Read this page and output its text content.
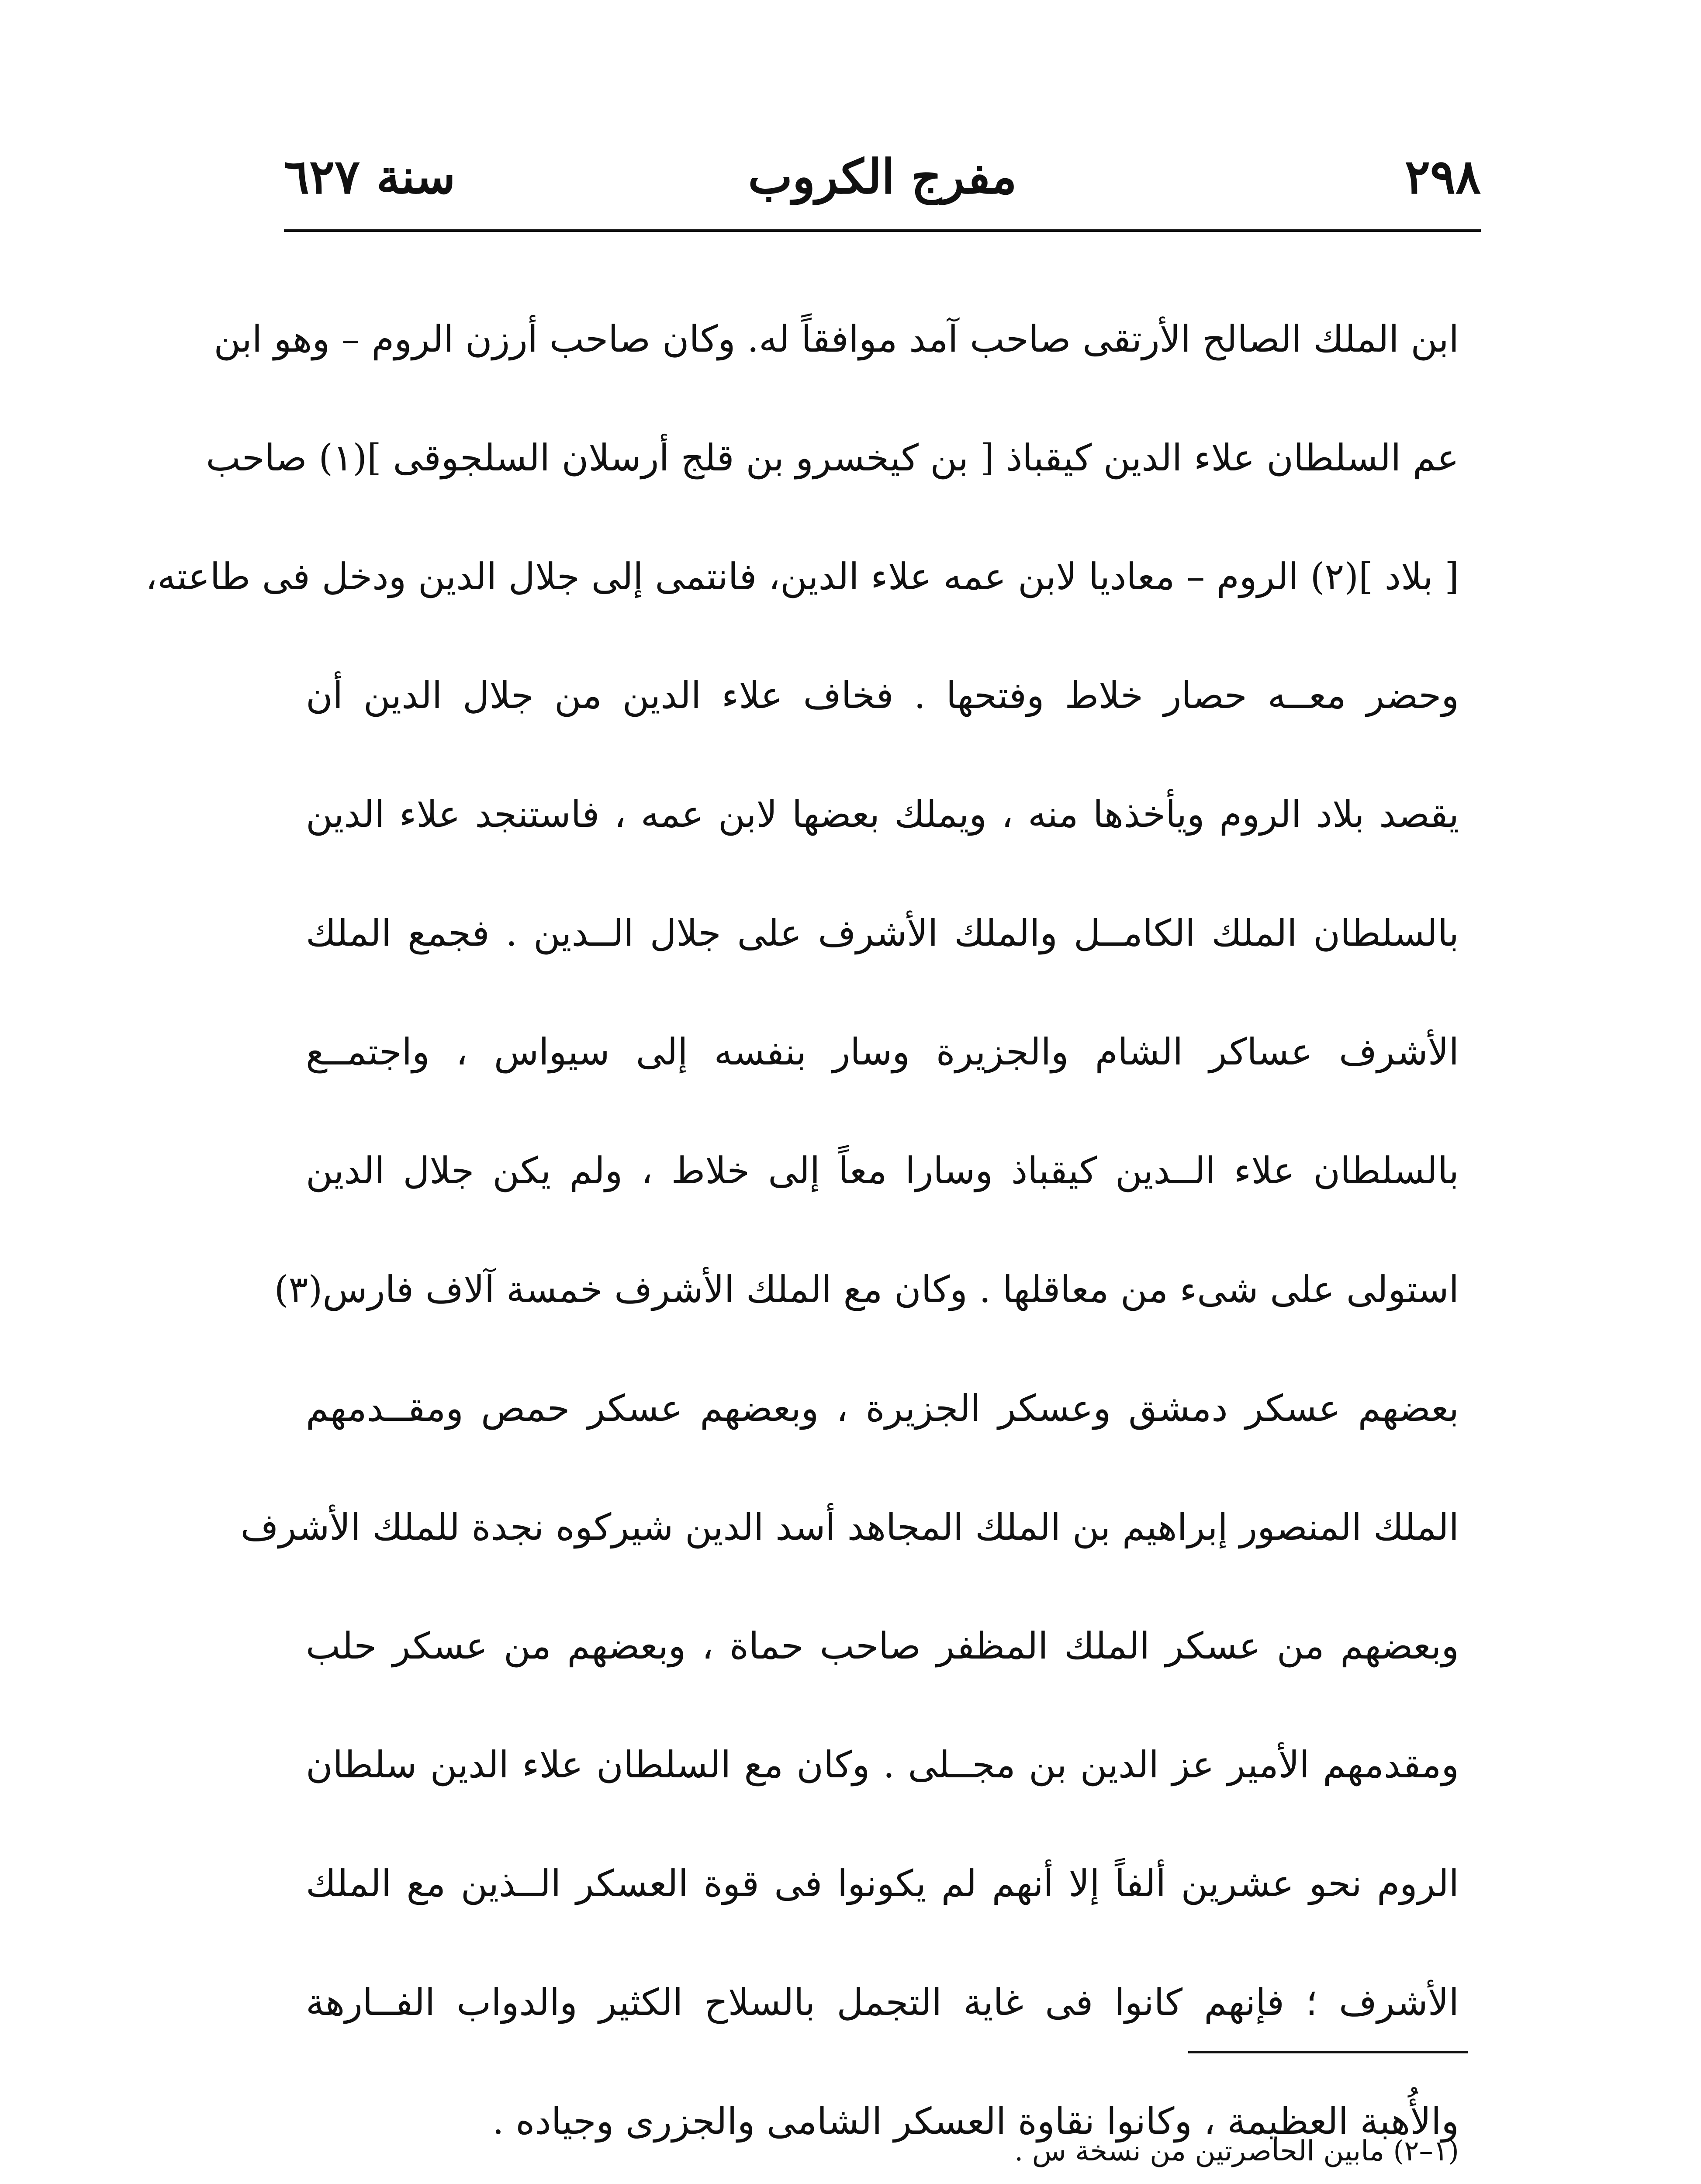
٢٩٨
مفرج الكروب
سنة ٦٢٧
ابن الملك الصالح الأرتقى صاحب آمد موافقاً له. وكان صاحب أرزن الروم – وهو ابن
عم السلطان علاء الدين كيقباذ [ بن كيخسرو بن قلج أرسلان السلجوقى ](١) صاحب
[ بلاد ](٢) الروم – معاديا لابن عمه علاء الدين، فانتمى إلى جلال الدين ودخل فى طاعته،
وحضر معــه حصار خلاط وفتحها . فخاف علاء الدين من جلال الدين أن
يقصد بلاد الروم ويأخذها منه ، ويملك بعضها لابن عمه ، فاستنجد علاء الدين
بالسلطان الملك الكامــل والملك الأشرف على جلال الــدين . فجمع الملك
الأشرف عساكر الشام والجزيرة وسار بنفسه إلى سيواس ، واجتمــع
بالسلطان علاء الــدين كيقباذ وسارا معاً إلى خلاط ، ولم يكن جلال الدين
استولى على شىء من معاقلها . وكان مع الملك الأشرف خمسة آلاف فارس(٣)
بعضهم عسكر دمشق وعسكر الجزيرة ، وبعضهم عسكر حمص ومقــدمهم
الملك المنصور إبراهيم بن الملك المجاهد أسد الدين شيركوه نجدة للملك الأشرف
وبعضهم من عسكر الملك المظفر صاحب حماة ، وبعضهم من عسكر حلب
ومقدمهم الأمير عز الدين بن مجــلى . وكان مع السلطان علاء الدين سلطان
الروم نحو عشرين ألفاً إلا أنهم لم يكونوا فى قوة العسكر الــذين مع الملك
الأشرف ؛ فإنهم كانوا فى غاية التجمل بالسلاح الكثير والدواب الفــارهة
والأُهبة العظيمة ، وكانوا نقاوة العسكر الشامى والجزرى وجياده .
(١–٢) مابين الحاصرتين من نسخة س .
